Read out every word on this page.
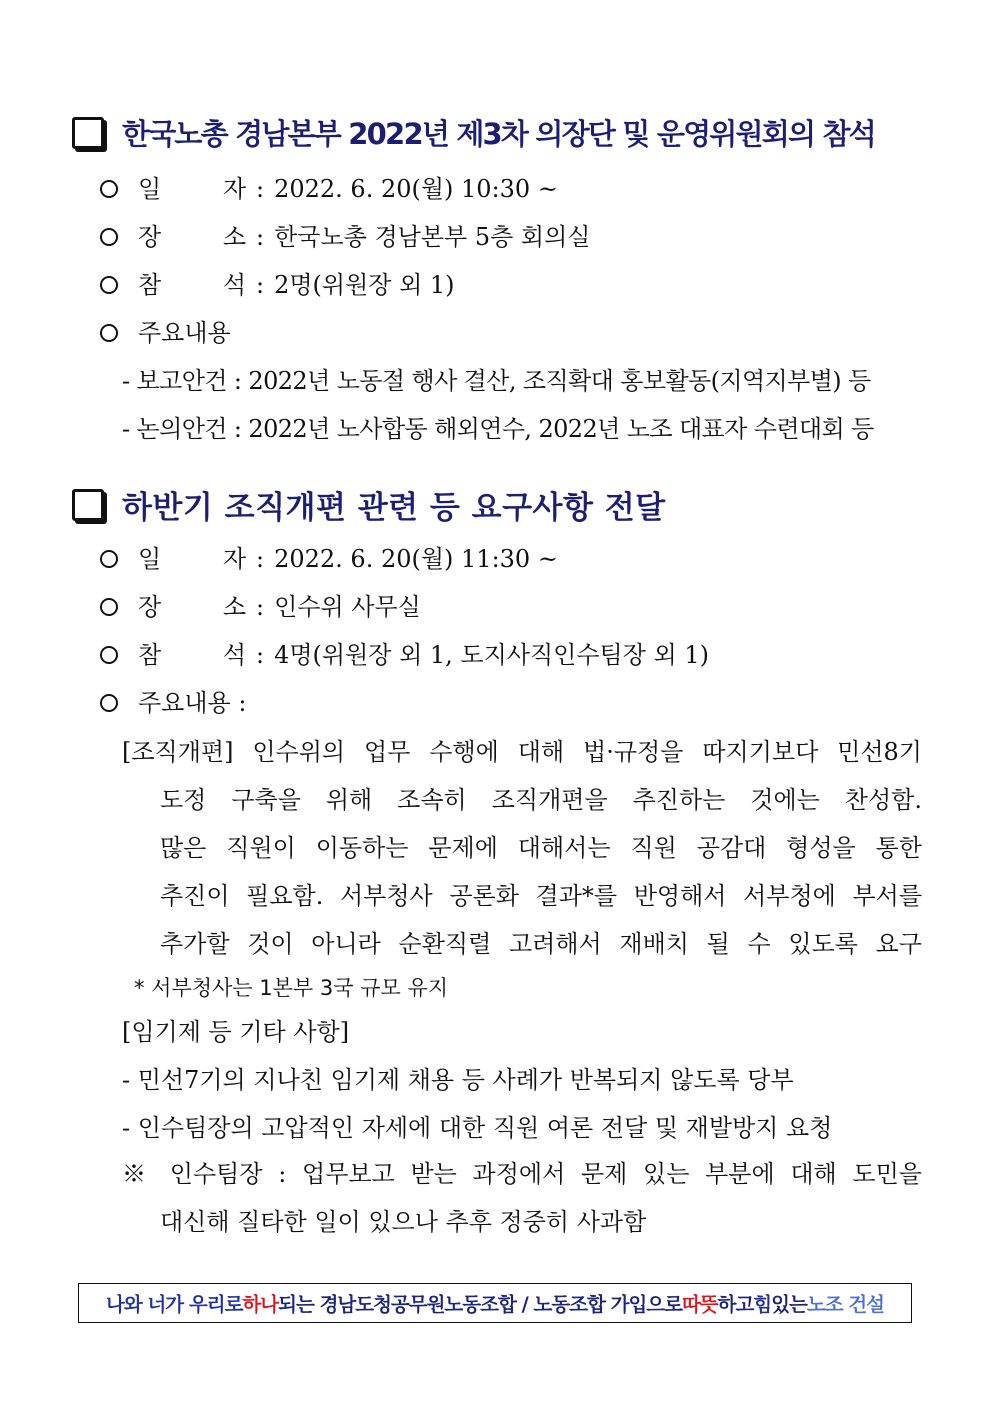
한국노총 경남본부 2022년 제3차 의장단 및 운영위원회의 참석
일	자 : 2022. 6. 20(월) 10:30 ~
장	소 : 한국노총 경남본부 5층 회의실
참	석 : 2명(위원장 외 1)
주요내용
- 보고안건 : 2022년 노동절 행사 결산, 조직확대 홍보활동(지역지부별) 등
- 논의안건 : 2022년 노사합동 해외연수, 2022년 노조 대표자 수련대회 등
하반기 조직개편 관련 등 요구사항 전달
일	자 : 2022. 6. 20(월) 11:30 ~
장	소 : 인수위 사무실
참	석 : 4명(위원장 외 1, 도지사직인수팀장 외 1)
주요내용 :
[조직개편] 인수위의 업무 수행에 대해 법·규정을 따지기보다 민선8기
도정 구축을 위해 조속히 조직개편을 추진하는 것에는 찬성함.
많은 직원이 이동하는 문제에 대해서는 직원 공감대 형성을 통한
추진이 필요함. 서부청사 공론화 결과*를 반영해서 서부청에 부서를
추가할 것이 아니라 순환직렬 고려해서 재배치 될 수 있도록 요구
* 서부청사는 1본부 3국 규모 유지
[임기제 등 기타 사항]
- 민선7기의 지나친 임기제 채용 등 사례가 반복되지 않도록 당부
- 인수팀장의 고압적인 자세에 대한 직원 여론 전달 및 재발방지 요청
※ 인수팀장 : 업무보고 받는 과정에서 문제 있는 부분에 대해 도민을
대신해 질타한 일이 있으나 추후 정중히 사과함
나와 너가 우리로 하나 되는 경남도청공무원노동조합 / 노동조합 가입으로 따뜻 하고 힘 있는 노조 건설
